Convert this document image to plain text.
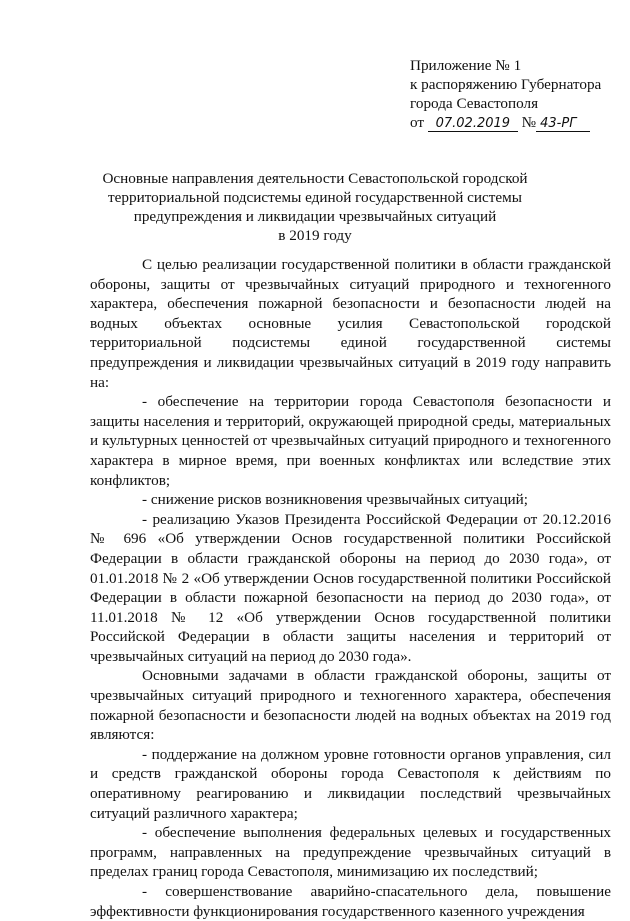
Приложение № 1
к распоряжению Губернатора
города Севастополя
от 07.02.2019 № 43-РГ
Основные направления деятельности Севастопольской городской
территориальной подсистемы единой государственной системы
предупреждения и ликвидации чрезвычайных ситуаций
в 2019 году

С целью реализации государственной политики в области гражданской обороны, защиты от чрезвычайных ситуаций природного и техногенного характера, обеспечения пожарной безопасности и безопасности людей на водных объектах основные усилия Севастопольской городской территориальной подсистемы единой государственной системы предупреждения и ликвидации чрезвычайных ситуаций в 2019 году направить на:

- обеспечение на территории города Севастополя безопасности и защиты населения и территорий, окружающей природной среды, материальных и культурных ценностей от чрезвычайных ситуаций природного и техногенного характера в мирное время, при военных конфликтах или вследствие этих конфликтов;

- снижение рисков возникновения чрезвычайных ситуаций;

- реализацию Указов Президента Российской Федерации от 20.12.2016 № 696 «Об утверждении Основ государственной политики Российской Федерации в области гражданской обороны на период до 2030 года», от 01.01.2018 № 2 «Об утверждении Основ государственной политики Российской Федерации в области пожарной безопасности на период до 2030 года», от 11.01.2018 № 12 «Об утверждении Основ государственной политики Российской Федерации в области защиты населения и территорий от чрезвычайных ситуаций на период до 2030 года».

Основными задачами в области гражданской обороны, защиты от чрезвычайных ситуаций природного и техногенного характера, обеспечения пожарной безопасности и безопасности людей на водных объектах на 2019 год являются:

- поддержание на должном уровне готовности органов управления, сил и средств гражданской обороны города Севастополя к действиям по оперативному реагированию и ликвидации последствий чрезвычайных ситуаций различного характера;

- обеспечение выполнения федеральных целевых и государственных программ, направленных на предупреждение чрезвычайных ситуаций в пределах границ города Севастополя, минимизацию их последствий;

- совершенствование аварийно-спасательного дела, повышение эффективности функционирования государственного казенного учреждения
